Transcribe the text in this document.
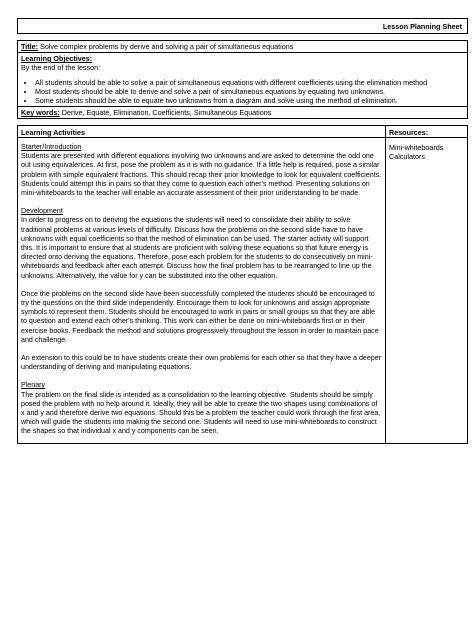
Lesson Planning Sheet
Title: Solve complex problems by derive and solving a pair of simultaneous equations
Learning Objectives:
By the end of the lesson:
• All students should be able to solve a pair of simultaneous equations with different coefficients using the elimination method
• Most students should be able to derive and solve a pair of simultaneous equations by equating two unknowns.
• Some students should be able to equate two unknowns from a diagram and solve using the method of elimination.
Key words: Derive, Equate, Elimination, Coefficients, Simultaneous Equations
Learning Activities
Starter/Introduction

Students are presented with different equations involving two unknowns and are asked to determine the odd one out using equivalences. At first, pose the problem as it is with no guidance. If a little help is required, pose a similar problem with simple equivalent fractions. This should recap their prior knowledge to look for equivalent coefficients. Students could attempt this in pairs so that they come to question each other's method. Presenting solutions on mini-whiteboards to the teacher will enable an accurate assessment of their prior understanding to be made.

Development

In order to progress on to deriving the equations the students will need to consolidate their ability to solve traditional problems at various levels of difficulty. Discuss how the problems on the second slide have to have unknowns with equal coefficients so that the method of elimination can be used. The starter activity will support this. It is important to ensure that al students are proficient with solving these equations so that future energy is directed onto deriving the equations. Therefore, pose each problem for the students to do consecutively on mini-whiteboards and feedback after each attempt. Discuss how the final problem has to be rearranged to line up the unknowns. Alternatively, the value for y can be substituted into the other equation.

Once the problems on the second slide have been successfully completed the students should be encouraged to try the questions on the third slide independently. Encourage them to look for unknowns and assign appropriate symbols to represent them. Students should be encouraged to work in pairs or small groups so that they are able to question and extend each other's thinking. This work can either be done on mini-whiteboards first or in their exercise books. Feedback the method and solutions progressively throughout the lesson in order to maintain pace and challenge.

An extension to this could be to have students create their own problems for each other so that they have a deeper understanding of deriving and manipulating equations.

Plenary

The problem on the final slide is intended as a consolidation to the learning objective. Students should be simply posed the problem with no help around it. Ideally, they will be able to create the two shapes using combinations of x and y and therefore derive two equations. Should this be a problem the teacher could work through the first area, which will guide the students into making the second one. Students will need to use mini-whiteboards to construct the shapes so that individual x and y components can be seen.

Resources:
Mini-whiteboards
Calculators
